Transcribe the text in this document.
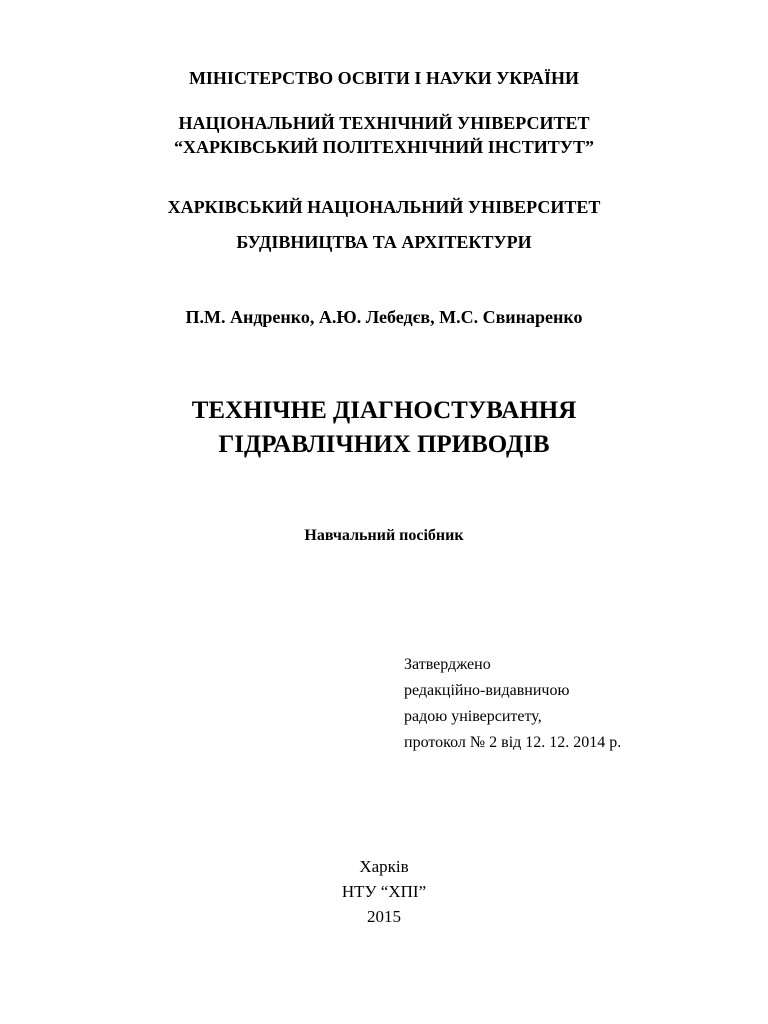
МІНІСТЕРСТВО ОСВІТИ І НАУКИ УКРАЇНИ
НАЦІОНАЛЬНИЙ ТЕХНІЧНИЙ УНІВЕРСИТЕТ
“ХАРКІВСЬКИЙ ПОЛІТЕХНІЧНИЙ ІНСТИТУТ”
ХАРКІВСЬКИЙ НАЦІОНАЛЬНИЙ УНІВЕРСИТЕТ
БУДІВНИЦТВА ТА АРХІТЕКТУРИ
П.М. Андренко, А.Ю. Лебедєв, М.С. Свинаренко
ТЕХНІЧНЕ ДІАГНОСТУВАННЯ
ГІДРАВЛІЧНИХ ПРИВОДІВ
Навчальний посібник
Затверджено
редакційно-видавничою
радою університету,
протокол № 2 від 12. 12. 2014 р.
Харків
НТУ “ХПІ”
2015
